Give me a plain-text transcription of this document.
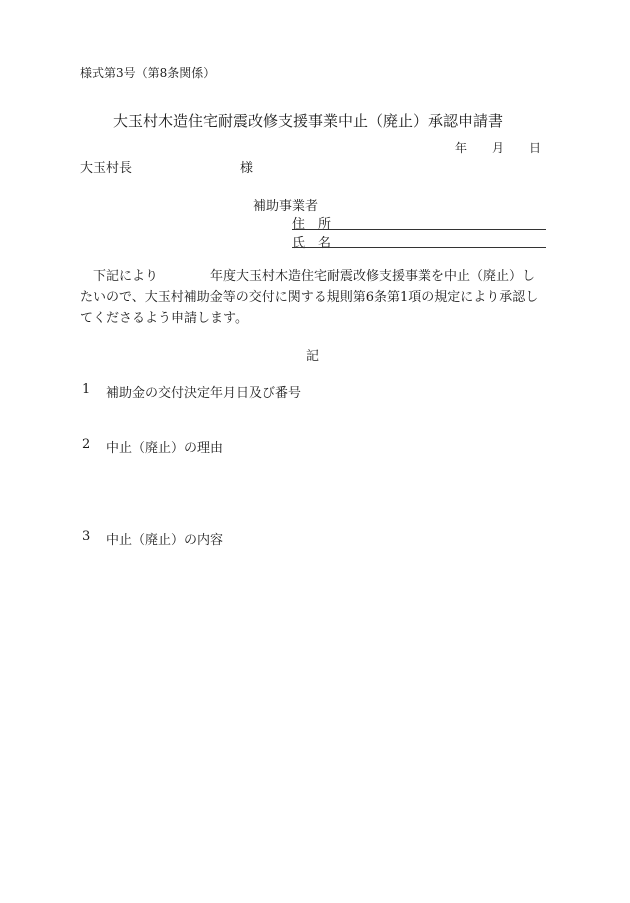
様式第3号（第8条関係）
大玉村木造住宅耐震改修支援事業中止（廃止）承認申請書
年 月 日
大玉村長	様
補助事業者
住　所
氏　名

下記により　　　　年度大玉村木造住宅耐震改修支援事業を中止（廃止）し

たいので、大玉村補助金等の交付に関する規則第6条第1項の規定により承認し

てくださるよう申請します。

記
1 補助金の交付決定年月日及び番号
2 中止（廃止）の理由
3 中止（廃止）の内容
